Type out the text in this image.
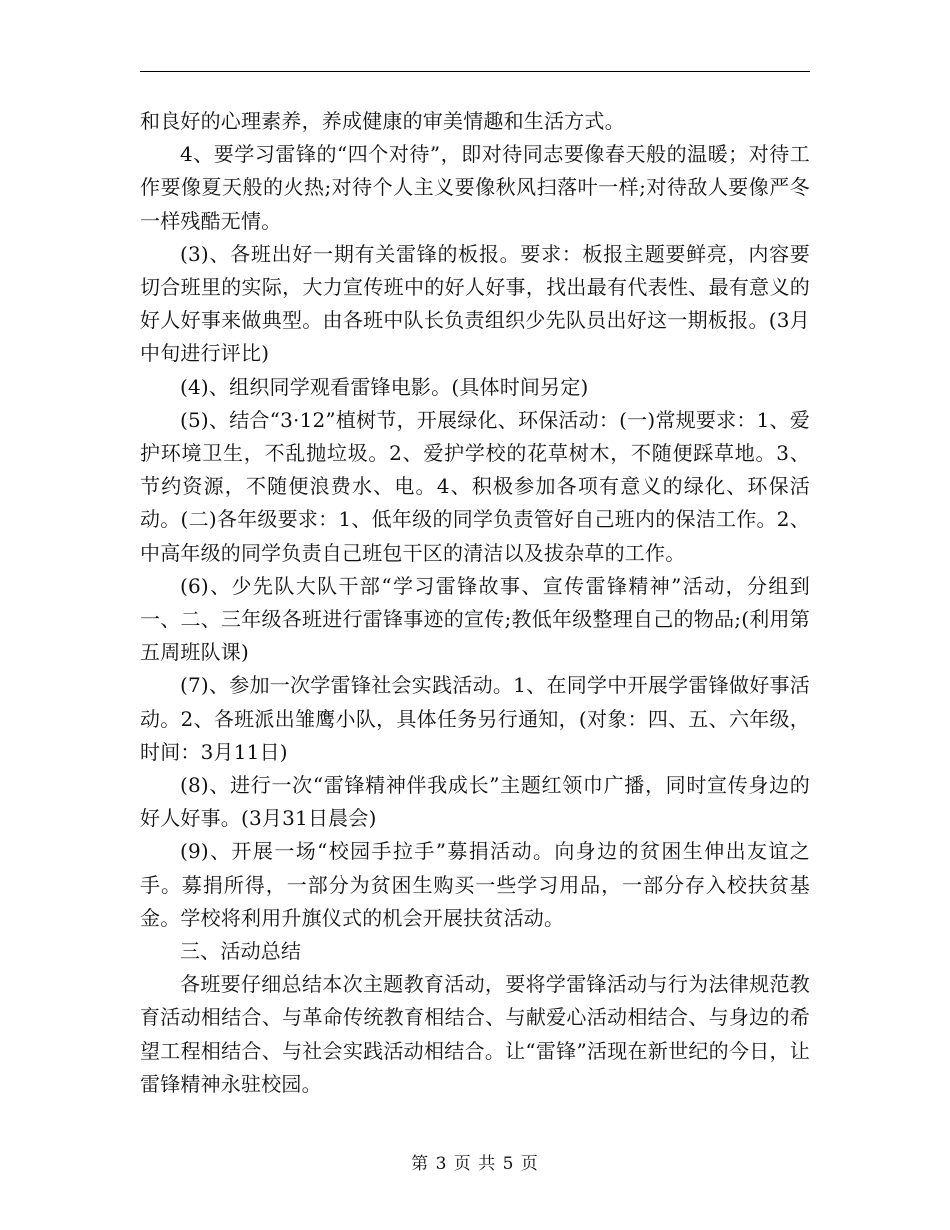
和良好的心理素养，养成健康的审美情趣和生活方式。

4、要学习雷锋的“四个对待”，即对待同志要像春天般的温暖；对待工作要像夏天般的火热;对待个人主义要像秋风扫落叶一样;对待敌人要像严冬一样残酷无情。

(3)、各班出好一期有关雷锋的板报。要求：板报主题要鲜亮，内容要切合班里的实际，大力宣传班中的好人好事，找出最有代表性、最有意义的好人好事来做典型。由各班中队长负责组织少先队员出好这一期板报。(3月中旬进行评比)

(4)、组织同学观看雷锋电影。(具体时间另定)

(5)、结合“3·12”植树节，开展绿化、环保活动：(一)常规要求：1、爱护环境卫生，不乱抛垃圾。2、爱护学校的花草树木，不随便踩草地。3、节约资源，不随便浪费水、电。4、积极参加各项有意义的绿化、环保活动。(二)各年级要求：1、低年级的同学负责管好自己班内的保洁工作。2、中高年级的同学负责自己班包干区的清洁以及拔杂草的工作。

(6)、少先队大队干部“学习雷锋故事、宣传雷锋精神”活动，分组到一、二、三年级各班进行雷锋事迹的宣传;教低年级整理自己的物品;(利用第五周班队课)

(7)、参加一次学雷锋社会实践活动。1、在同学中开展学雷锋做好事活动。2、各班派出雏鹰小队，具体任务另行通知，(对象：四、五、六年级，时间：3月11日)

(8)、进行一次“雷锋精神伴我成长”主题红领巾广播，同时宣传身边的好人好事。(3月31日晨会)

(9)、开展一场“校园手拉手”募捐活动。向身边的贫困生伸出友谊之手。募捐所得，一部分为贫困生购买一些学习用品，一部分存入校扶贫基金。学校将利用升旗仪式的机会开展扶贫活动。

三、活动总结

各班要仔细总结本次主题教育活动，要将学雷锋活动与行为法律规范教育活动相结合、与革命传统教育相结合、与献爱心活动相结合、与身边的希望工程相结合、与社会实践活动相结合。让“雷锋”活现在新世纪的今日，让雷锋精神永驻校园。

第 3 页 共 5 页
